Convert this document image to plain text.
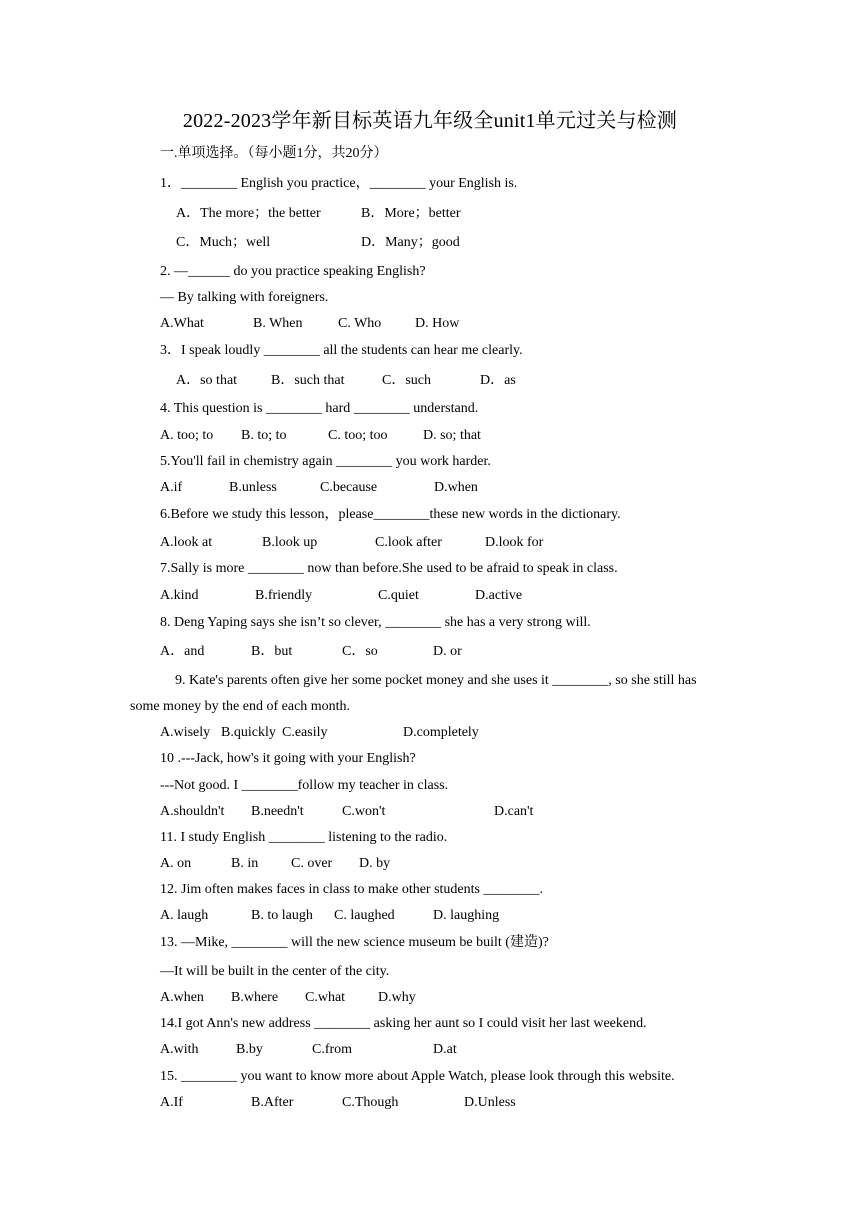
2022-2023学年新目标英语九年级全unit1单元过关与检测
一.单项选择。（每小题1分，共20分）
1．________ English you practice，________ your English is.
A．The more；the better	B．More；better
C．Much；well	D．Many；good
2. —______ do you practice speaking English?
— By talking with foreigners.
A.What	B. When	C. Who D. How
3．I speak loudly ________ all the students can hear me clearly.
A．so that B．such that	C．such	D．as
4. This question is ________ hard ________ understand.
A. too; to B. to; to	C. too; too	D. so; that
5.You'll fail in chemistry again ________ you work harder.
A.if	B.unless	C.because	D.when
6.Before we study this lesson，please________these new words in the dictionary.
A.look at	B.look up	C.look after	D.look for
7.Sally is more ________ now than before.She used to be afraid to speak in class.
A.kind	B.friendly	C.quiet	D.active
8. Deng Yaping says she isn’t so clever, ________ she has a very strong will.
A．and	B．but	C．so	D. or
9. Kate's parents often give her some pocket money and she uses it ________, so she still has
some money by the end of each month.
A.wisely B.quickly C.easily	D.completely
10 .---Jack, how's it going with your English?
---Not good. I ________follow my teacher in class.
A.shouldn't B.needn't	C.won't	D.can't
11. I study English ________ listening to the radio.
A. on	B. in C. over D. by
12. Jim often makes faces in class to make other students ________.
A. laugh	B. to laugh C. laughed	D. laughing
13. —Mike, ________ will the new science museum be built (建造)?
—It will be built in the center of the city.
A.when B.where C.what D.why
14.I got Ann's new address ________ asking her aunt so I could visit her last weekend.
A.with	B.by	C.from	D.at
15. ________ you want to know more about Apple Watch, please look through this website.
A.If	B.After	C.Though	D.Unless
